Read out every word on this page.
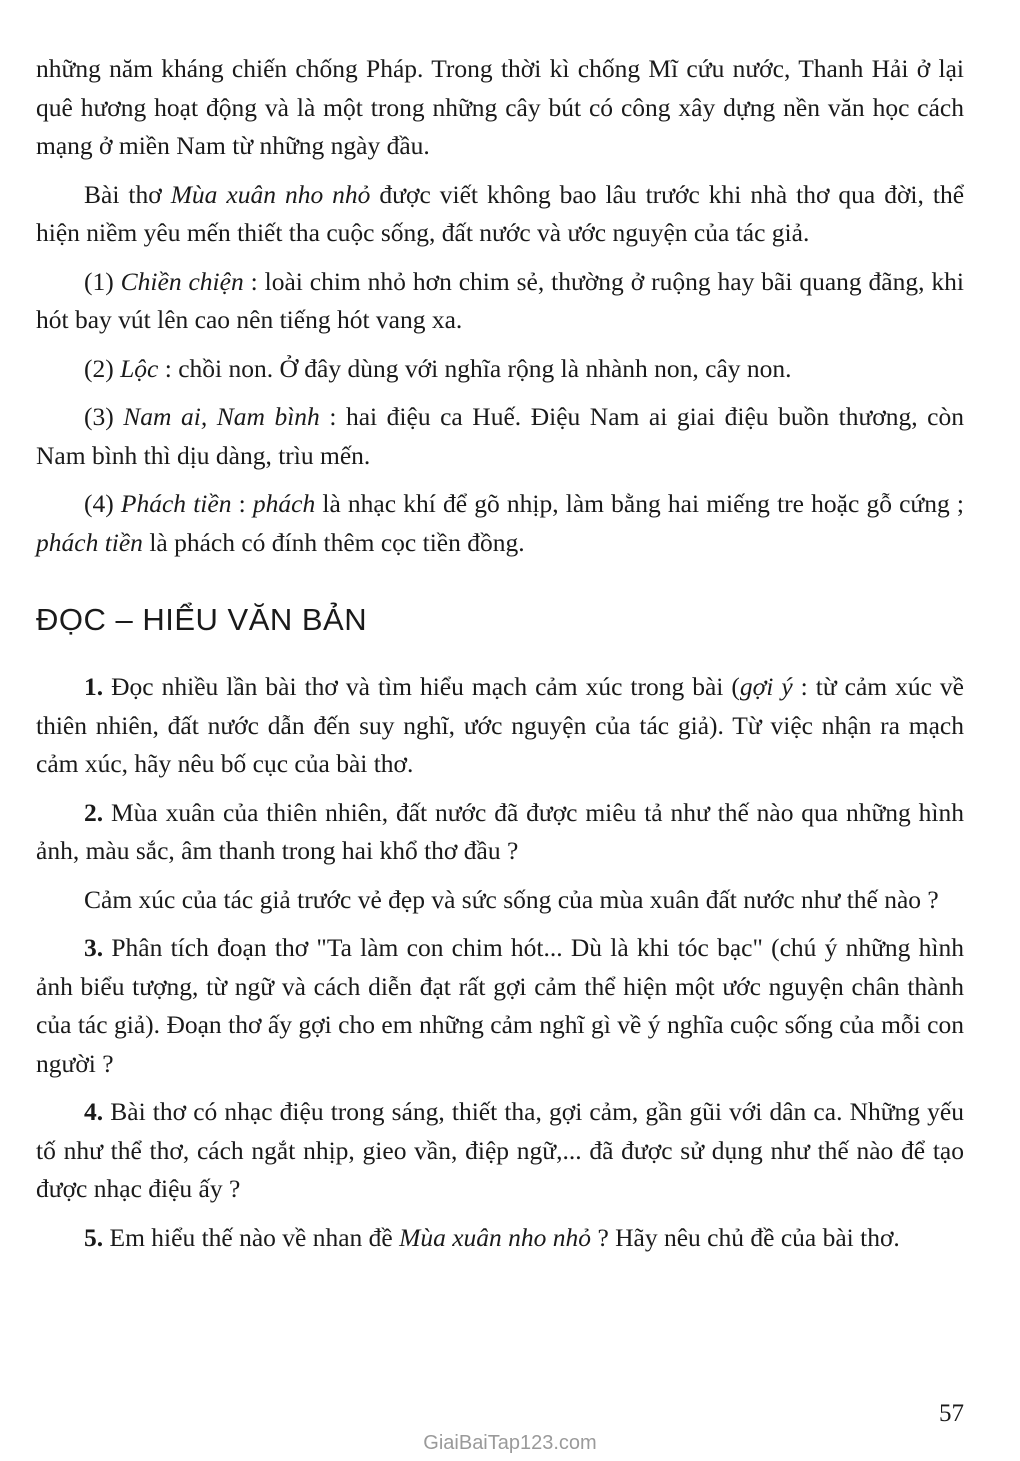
những năm kháng chiến chống Pháp. Trong thời kì chống Mĩ cứu nước, Thanh Hải ở lại quê hương hoạt động và là một trong những cây bút có công xây dựng nền văn học cách mạng ở miền Nam từ những ngày đầu.

Bài thơ Mùa xuân nho nhỏ được viết không bao lâu trước khi nhà thơ qua đời, thể hiện niềm yêu mến thiết tha cuộc sống, đất nước và ước nguyện của tác giả.

(1) Chiền chiện : loài chim nhỏ hơn chim sẻ, thường ở ruộng hay bãi quang đãng, khi hót bay vút lên cao nên tiếng hót vang xa.

(2) Lộc : chồi non. Ở đây dùng với nghĩa rộng là nhành non, cây non.

(3) Nam ai, Nam bình : hai điệu ca Huế. Điệu Nam ai giai điệu buồn thương, còn Nam bình thì dịu dàng, trìu mến.

(4) Phách tiền : phách là nhạc khí để gõ nhịp, làm bằng hai miếng tre hoặc gỗ cứng ; phách tiền là phách có đính thêm cọc tiền đồng.

ĐỌC – HIỂU VĂN BẢN

1. Đọc nhiều lần bài thơ và tìm hiểu mạch cảm xúc trong bài (gợi ý : từ cảm xúc về thiên nhiên, đất nước dẫn đến suy nghĩ, ước nguyện của tác giả). Từ việc nhận ra mạch cảm xúc, hãy nêu bố cục của bài thơ.

2. Mùa xuân của thiên nhiên, đất nước đã được miêu tả như thế nào qua những hình ảnh, màu sắc, âm thanh trong hai khổ thơ đầu ?

Cảm xúc của tác giả trước vẻ đẹp và sức sống của mùa xuân đất nước như thế nào ?

3. Phân tích đoạn thơ "Ta làm con chim hót... Dù là khi tóc bạc" (chú ý những hình ảnh biểu tượng, từ ngữ và cách diễn đạt rất gợi cảm thể hiện một ước nguyện chân thành của tác giả). Đoạn thơ ấy gợi cho em những cảm nghĩ gì về ý nghĩa cuộc sống của mỗi con người ?

4. Bài thơ có nhạc điệu trong sáng, thiết tha, gợi cảm, gần gũi với dân ca. Những yếu tố như thể thơ, cách ngắt nhịp, gieo vần, điệp ngữ,... đã được sử dụng như thế nào để tạo được nhạc điệu ấy ?

5. Em hiểu thế nào về nhan đề Mùa xuân nho nhỏ ? Hãy nêu chủ đề của bài thơ.

57
GiaiBaiTap123.com
